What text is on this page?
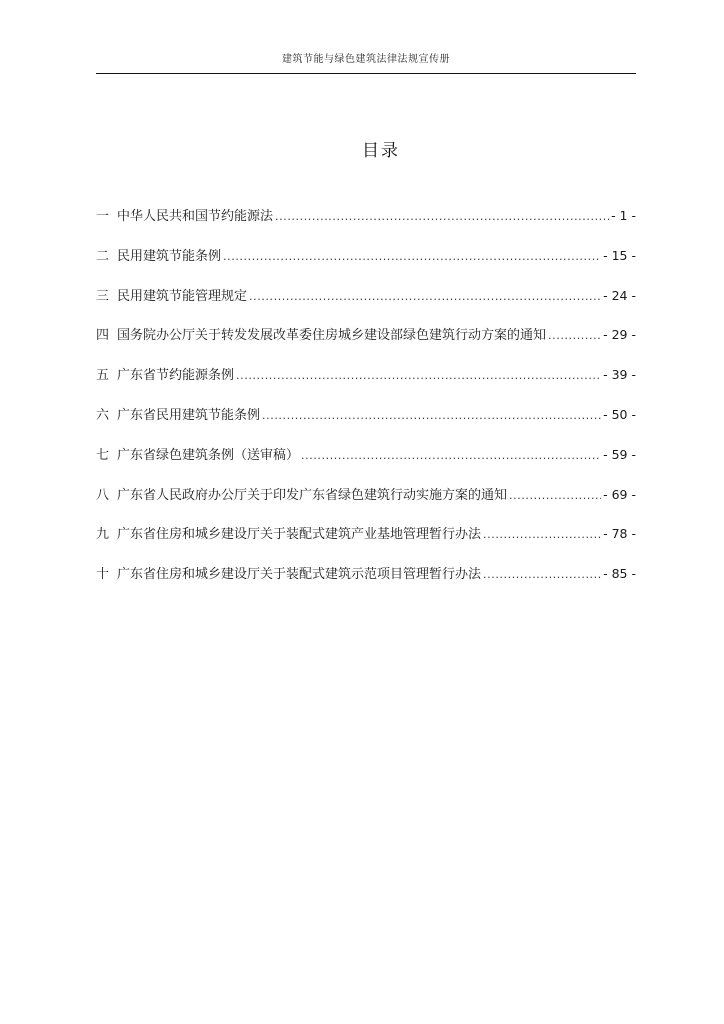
建筑节能与绿色建筑法律法规宣传册
目录
一 中华人民共和国节约能源法 .....	- 1 -
二 民用建筑节能条例 .....	- 15 -
三 民用建筑节能管理规定 .....	- 24 -
四 国务院办公厅关于转发发展改革委住房城乡建设部绿色建筑行动方案的通知 .....	- 29 -
五 广东省节约能源条例 .....	- 39 -
六 广东省民用建筑节能条例 .....	- 50 -
七 广东省绿色建筑条例（送审稿） .....	- 59 -
八 广东省人民政府办公厅关于印发广东省绿色建筑行动实施方案的通知 .....	- 69 -
九 广东省住房和城乡建设厅关于装配式建筑产业基地管理暂行办法 .....	- 78 -
十 广东省住房和城乡建设厅关于装配式建筑示范项目管理暂行办法 .....	- 85 -
